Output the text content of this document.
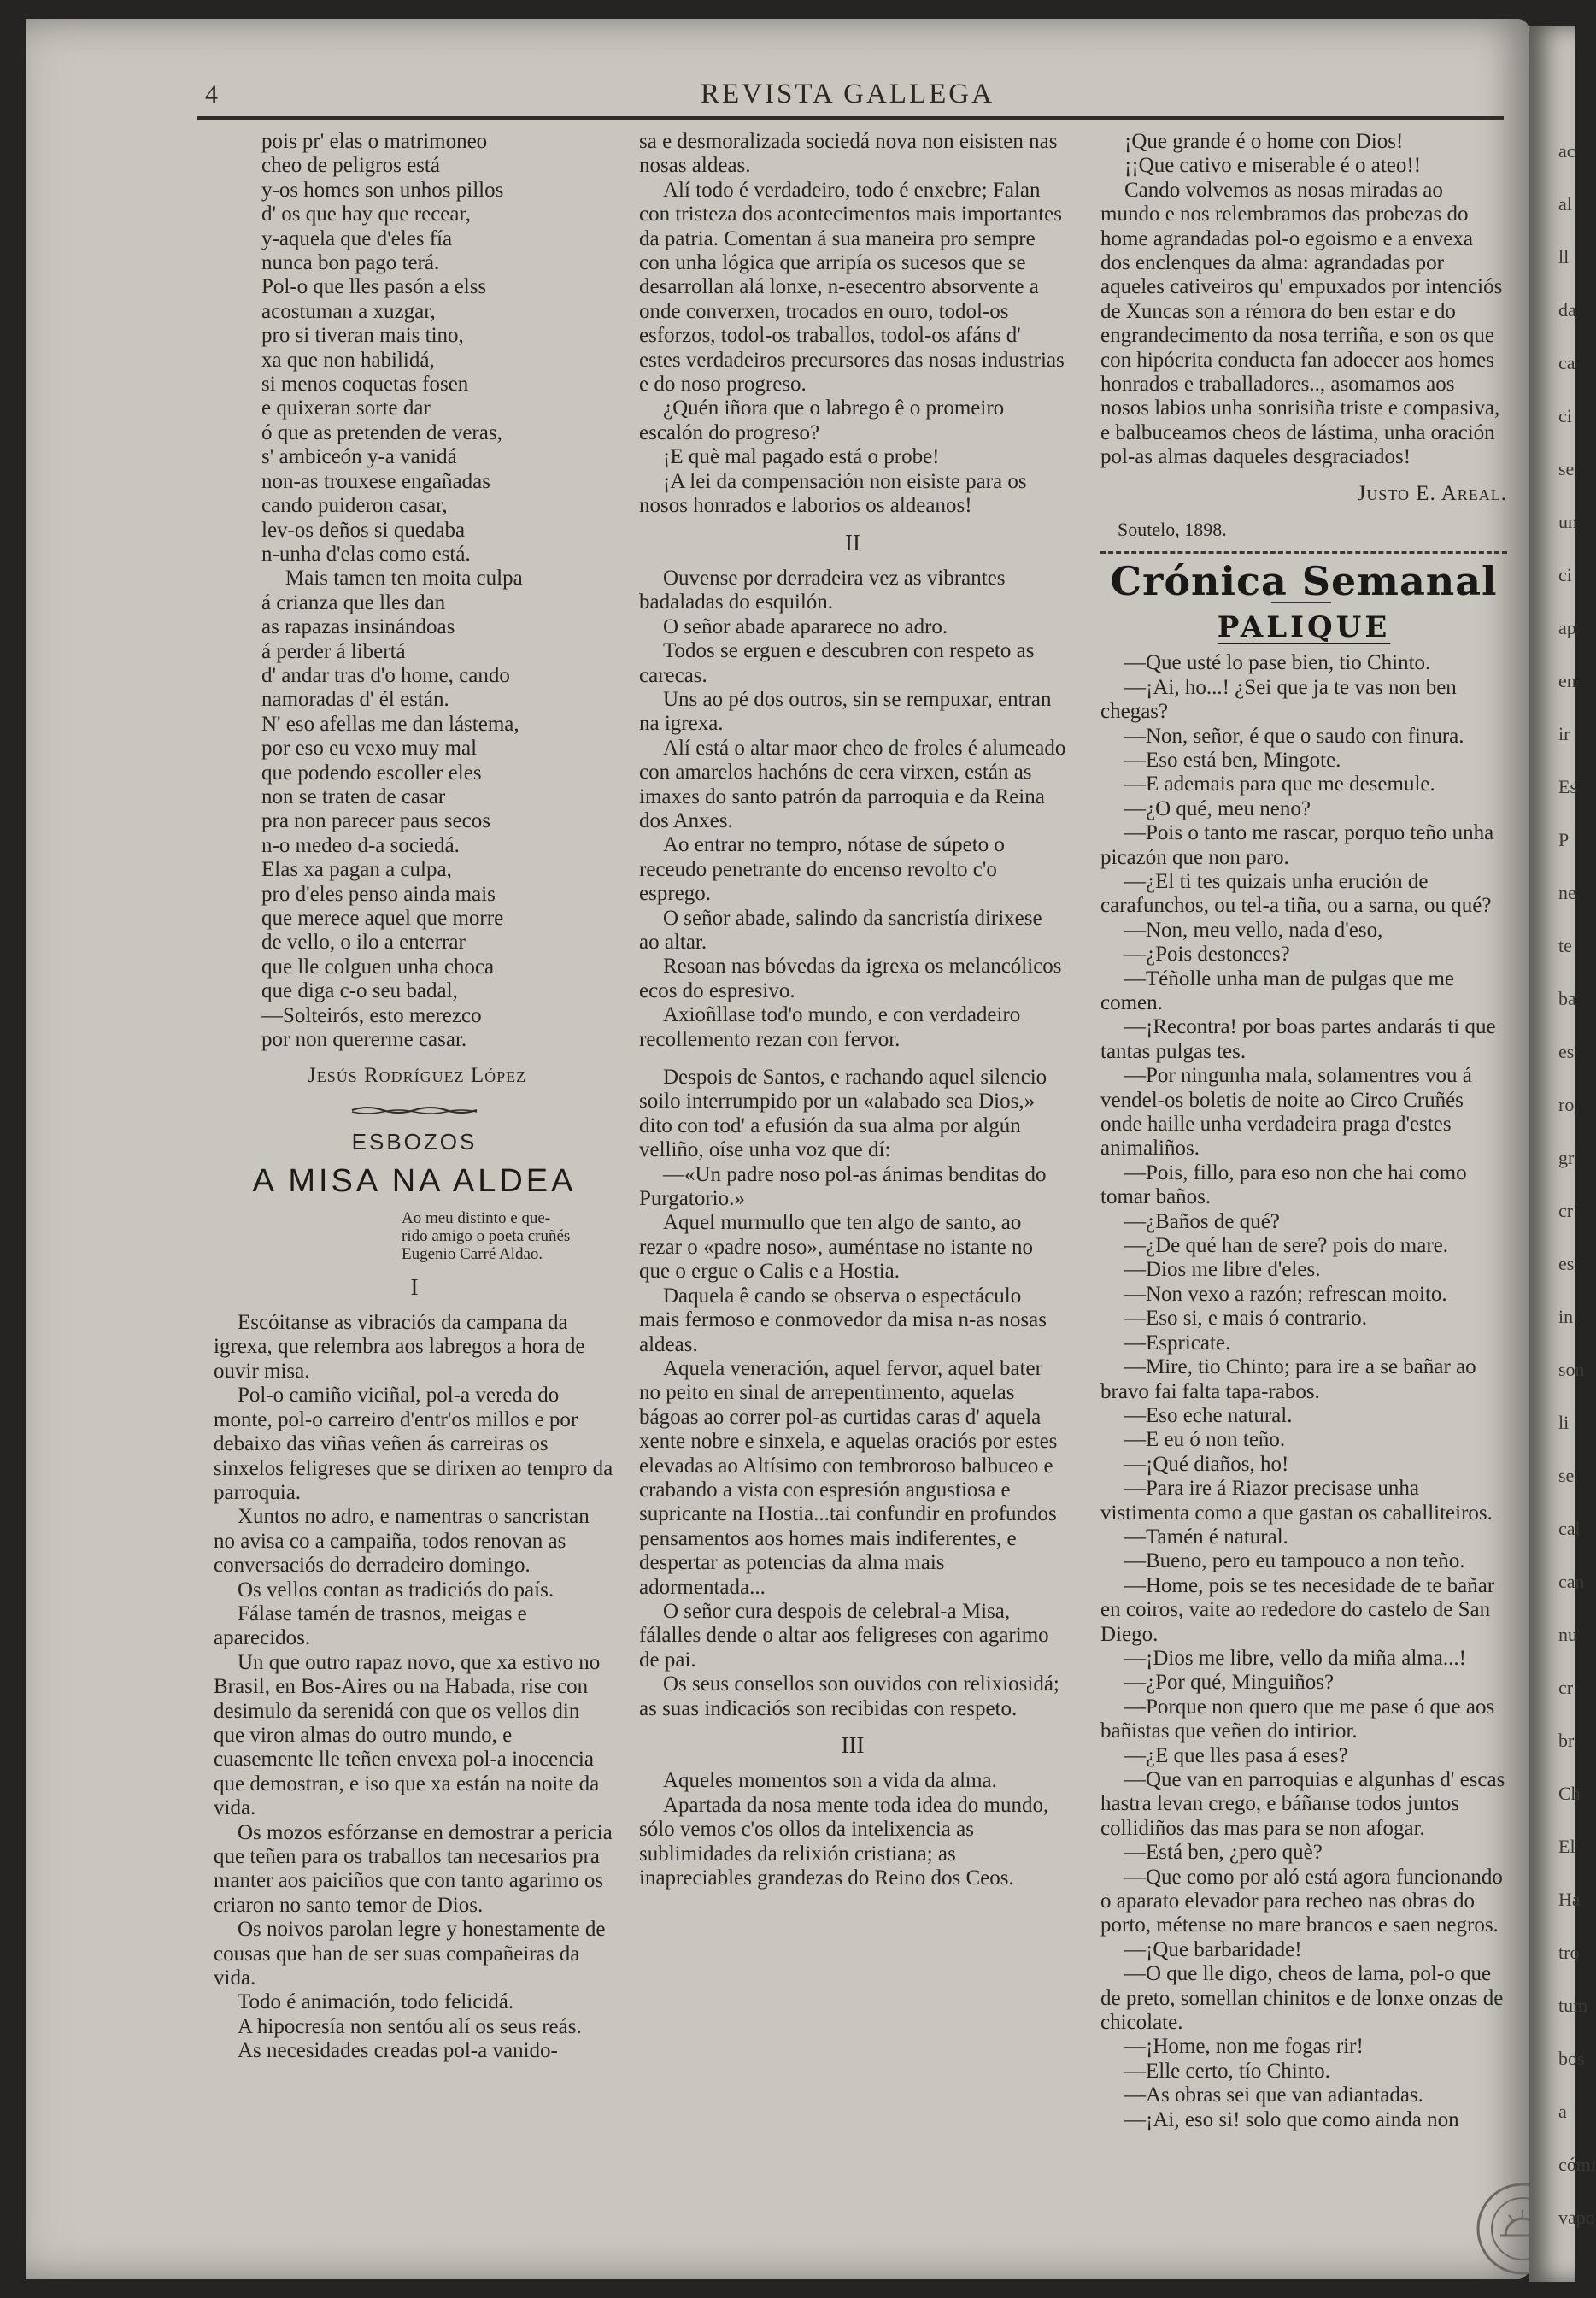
4	REVISTA GALLEGA

pois pr' elas o matrimoneo

cheo de peligros está

y-os homes son unhos pillos

d' os que hay que recear,

y-aquela que d'eles fía

nunca bon pago terá.

Pol-o que lles pasón a elss

acostuman a xuzgar,

pro si tiveran mais tino,

xa que non habilidá,

si menos coquetas fosen

e quixeran sorte dar

ó que as pretenden de veras,

s' ambiceón y-a vanidá

non-as trouxese engañadas

cando puideron casar,

lev-os deños si quedaba

n-unha d'elas como está.

Mais tamen ten moita culpa

á crianza que lles dan

as rapazas insinándoas

á perder á libertá

d' andar tras d'o home, cando

namoradas d' él están.

N' eso afellas me dan lástema,

por eso eu vexo muy mal

que podendo escoller eles

non se traten de casar

pra non parecer paus secos

n-o medeo d-a sociedá.

Elas xa pagan a culpa,

pro d'eles penso ainda mais

que merece aquel que morre

de vello, o ilo a enterrar

que lle colguen unha choca

que diga c-o seu badal,

—Solteirós, esto merezco

por non quererme casar.

Jesús Rodríguez López

ESBOZOS

A MISA NA ALDEA

Ao meu distinto e que-

rido amigo o poeta cruñés

Eugenio Carré Aldao.

I

Escóitanse as vibraciós da campana da igrexa, que relembra aos labregos a hora de ouvir misa.

Pol-o camiño viciñal, pol-a vereda do monte, pol-o carreiro d'entr'os millos e por debaixo das viñas veñen ás carreiras os sinxelos feligreses que se dirixen ao tempro da parroquia.

Xuntos no adro, e namentras o sancristan no avisa co a campaiña, todos renovan as conversaciós do derradeiro domingo.

Os vellos contan as tradiciós do país.

Fálase tamén de trasnos, meigas e aparecidos.

Un que outro rapaz novo, que xa estivo no Brasil, en Bos-Aires ou na Habada, rise con desimulo da serenidá con que os vellos din que viron almas do outro mundo, e cuasemente lle teñen envexa pol-a inocencia que demostran, e iso que xa están na noite da vida.

Os mozos esfórzanse en demostrar a pericia que teñen para os traballos tan necesarios pra manter aos paiciños que con tanto agarimo os criaron no santo temor de Dios.

Os noivos parolan legre y honestamente de cousas que han de ser suas compañeiras da vida.

Todo é animación, todo felicidá.

A hipocresía non sentóu alí os seus reás.

As necesidades creadas pol-a vanido-

sa e desmoralizada sociedá nova non eisisten nas nosas aldeas.

Alí todo é verdadeiro, todo é enxebre; Falan con tristeza dos acontecimentos mais importantes da patria. Comentan á sua maneira pro sempre con unha lógica que arripía os sucesos que se desarrollan alá lonxe, n-esecentro absorvente a onde converxen, trocados en ouro, todol-os esforzos, todol-os traballos, todol-os afáns d' estes verdadeiros precursores das nosas industrias e do noso progreso.

¿Quén iñora que o labrego ê o promeiro escalón do progreso?

¡E què mal pagado está o probe!

¡A lei da compensación non eisiste para os nosos honrados e laborios os aldeanos!

II

Ouvense por derradeira vez as vibrantes badaladas do esquilón.

O señor abade apararece no adro.

Todos se erguen e descubren con respeto as carecas.

Uns ao pé dos outros, sin se rempuxar, entran na igrexa.

Alí está o altar maor cheo de froles é alumeado con amarelos hachóns de cera virxen, están as imaxes do santo patrón da parroquia e da Reina dos Anxes.

Ao entrar no tempro, nótase de súpeto o receudo penetrante do encenso revolto c'o esprego.

O señor abade, salindo da sancristía dirixese ao altar.

Resoan nas bóvedas da igrexa os melancólicos ecos do espresivo.

Axioñllase tod'o mundo, e con verdadeiro recollemento rezan con fervor.

Despois de Santos, e rachando aquel silencio soilo interrumpido por un «alabado sea Dios,» dito con tod' a efusión da sua alma por algún velliño, oíse unha voz que dí:

—«Un padre noso pol-as ánimas benditas do Purgatorio.»

Aquel murmullo que ten algo de santo, ao rezar o «padre noso», auméntase no istante no que o ergue o Calis e a Hostia.

Daquela ê cando se observa o espectáculo mais fermoso e conmovedor da misa n-as nosas aldeas.

Aquela veneración, aquel fervor, aquel bater no peito en sinal de arrepentimento, aquelas bágoas ao correr pol-as curtidas caras d' aquela xente nobre e sinxela, e aquelas oraciós por estes elevadas ao Altísimo con tembroroso balbuceo e crabando a vista con espresión angustiosa e supricante na Hostia...tai confundir en profundos pensamentos aos homes mais indiferentes, e despertar as potencias da alma mais adormentada...

O señor cura despois de celebral-a Misa, fálalles dende o altar aos feligreses con agarimo de pai.

Os seus consellos son ouvidos con relixiosidá; as suas indicaciós son recibidas con respeto.

III

Aqueles momentos son a vida da alma.

Apartada da nosa mente toda idea do mundo, sólo vemos c'os ollos da intelixencia as sublimidades da relixión cristiana; as inapreciables grandezas do Reino dos Ceos.

¡Que grande é o home con Dios!

¡¡Que cativo e miserable é o ateo!!

Cando volvemos as nosas miradas ao mundo e nos relembramos das probezas do home agrandadas pol-o egoismo e a envexa dos enclenques da alma: agrandadas por aqueles cativeiros qu' empuxados por intenciós de Xuncas son a rémora do ben estar e do engrandecimento da nosa terriña, e son os que con hipócrita conducta fan adoecer aos homes honrados e traballadores.., asomamos aos nosos labios unha sonrisiña triste e compasiva, e balbuceamos cheos de lástima, unha oración pol-as almas daqueles desgraciados!

Justo E. Areal.

Soutelo, 1898.

Crónica Semanal

PALIQUE

—Que usté lo pase bien, tio Chinto.

—¡Ai, ho...! ¿Sei que ja te vas non ben chegas?

—Non, señor, é que o saudo con finura.

—Eso está ben, Mingote.

—E ademais para que me desemule.

—¿O qué, meu neno?

—Pois o tanto me rascar, porquo teño unha picazón que non paro.

—¿El ti tes quizais unha erución de carafunchos, ou tel-a tiña, ou a sarna, ou qué?

—Non, meu vello, nada d'eso,

—¿Pois destonces?

—Téñolle unha man de pulgas que me comen.

—¡Recontra! por boas partes andarás ti que tantas pulgas tes.

—Por ningunha mala, solamentres vou á vendel-os boletis de noite ao Circo Cruñés onde haille unha verdadeira praga d'estes animaliños.

—Pois, fillo, para eso non che hai como tomar baños.

—¿Baños de qué?

—¿De qué han de sere? pois do mare.

—Dios me libre d'eles.

—Non vexo a razón; refrescan moito.

—Eso si, e mais ó contrario.

—Espricate.

—Mire, tio Chinto; para ire a se bañar ao bravo fai falta tapa-rabos.

—Eso eche natural.

—E eu ó non teño.

—¡Qué diaños, ho!

—Para ire á Riazor precisase unha vistimenta como a que gastan os caballiteiros.

—Tamén é natural.

—Bueno, pero eu tampouco a non teño.

—Home, pois se tes necesidade de te bañar en coiros, vaite ao rededore do castelo de San Diego.

—¡Dios me libre, vello da miña alma...!

—¿Por qué, Minguiños?

—Porque non quero que me pase ó que aos bañistas que veñen do intirior.

—¿E que lles pasa á eses?

—Que van en parroquias e algunhas d' escas hastra levan crego, e báñanse todos juntos collidiños das mas para se non afogar.

—Está ben, ¿pero què?

—Que como por aló está agora funcionando o aparato elevador para recheo nas obras do porto, métense no mare brancos e saen negros.

—¡Que barbaridade!

—O que lle digo, cheos de lama, pol-o que de preto, somellan chinitos e de lonxe onzas de chicolate.

—¡Home, non me fogas rir!

—Elle certo, tío Chinto.

—As obras sei que van adiantadas.

—¡Ai, eso si! solo que como ainda non

ac
al
ll
da
ca
ci
se
un
ci
ap
en
ir
Es
P
ne
te
ba
es
ro
gr
cr
es
in
son
li
se
cal
can
nu
cr
br
Ch
El
Ha
tro
tum
bos
a
cómi
vapo
